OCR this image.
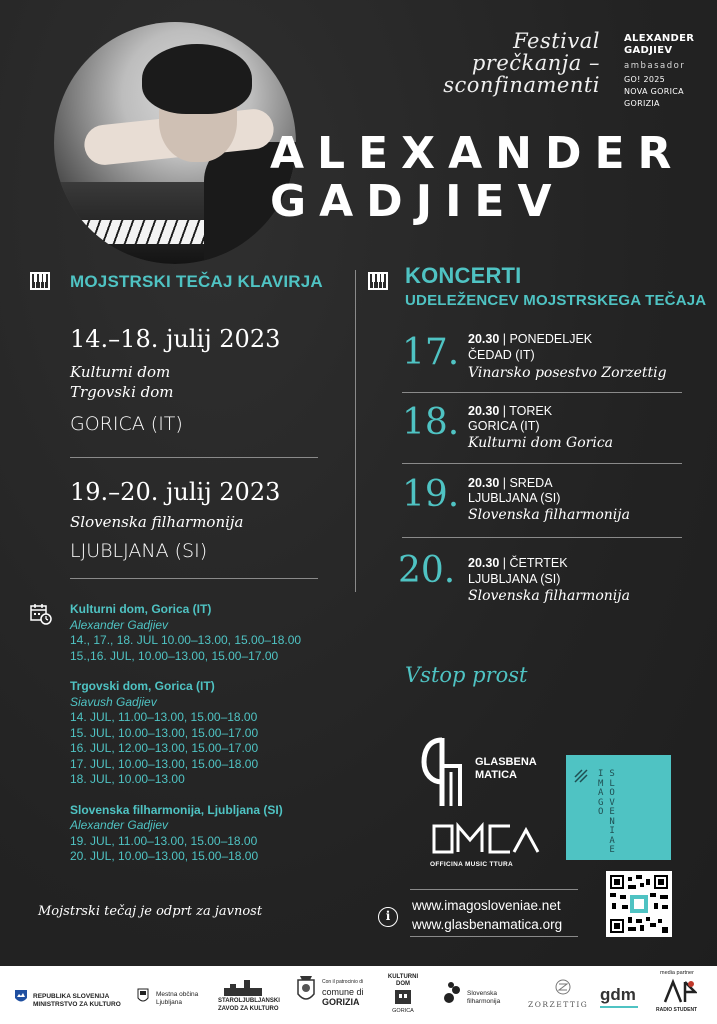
Festival
prečkanja –
sconfinamenti
ALEXANDER
GADJIEV
ambasador
GO! 2025
NOVA GORICA
GORIZIA
ALEXANDER
GADJIEV
MOJSTRSKI TEČAJ KLAVIRJA
14.–18. julij 2023
Kulturni dom
Trgovski dom
GORICA (IT)
19.–20. julij 2023
Slovenska filharmonija
LJUBLJANA (SI)
Kulturni dom, Gorica (IT)
Alexander Gadjiev
14., 17., 18. JUL 10.00–13.00, 15.00–18.00
15.,16. JUL, 10.00–13.00, 15.00–17.00
Trgovski dom, Gorica (IT)
Siavush Gadjiev
14. JUL, 11.00–13.00, 15.00–18.00
15. JUL, 10.00–13.00, 15.00–17.00
16. JUL, 12.00–13.00, 15.00–17.00
17. JUL, 10.00–13.00, 15.00–18.00
18. JUL, 10.00–13.00
Slovenska filharmonija, Ljubljana (SI)
Alexander Gadjiev
19. JUL, 11.00–13.00, 15.00–18.00
20. JUL, 10.00–13.00, 15.00–18.00
Mojstrski tečaj je odprt za javnost
KONCERTI
UDELEŽENCEV MOJSTRSKEGA TEČAJA
17. 20.30 | PONEDELJEK
ČEDAD (IT)
Vinarsko posestvo Zorzettig
18. 20.30 | TOREK
GORICA (IT)
Kulturni dom Gorica
19. 20.30 | SREDA
LJUBLJANA (SI)
Slovenska filharmonija
20. 20.30 | ČETRTEK
LJUBLJANA (SI)
Slovenska filharmonija
Vstop prost
GLASBENA
MATICA
OFFICINA MUSIC TTURA
I
M
A
G
O
S
L
O
V
E
N
I
A
E
i
www.imagosloveniae.net
www.glasbenamatica.org
REPUBLIKA SLOVENIJA
MINISTRSTVO ZA KULTURO
Mestna občina
Ljubljana	STAROLJUBLJANSKI
ZAVOD ZA KULTURO
Con il patrocinio di
comune di
GORIZIA
KULTURNI
DOM
GORICA
Slovenska
filharmonija	ZORZETTIG
gdm
media partner
RADIO STUDENT
